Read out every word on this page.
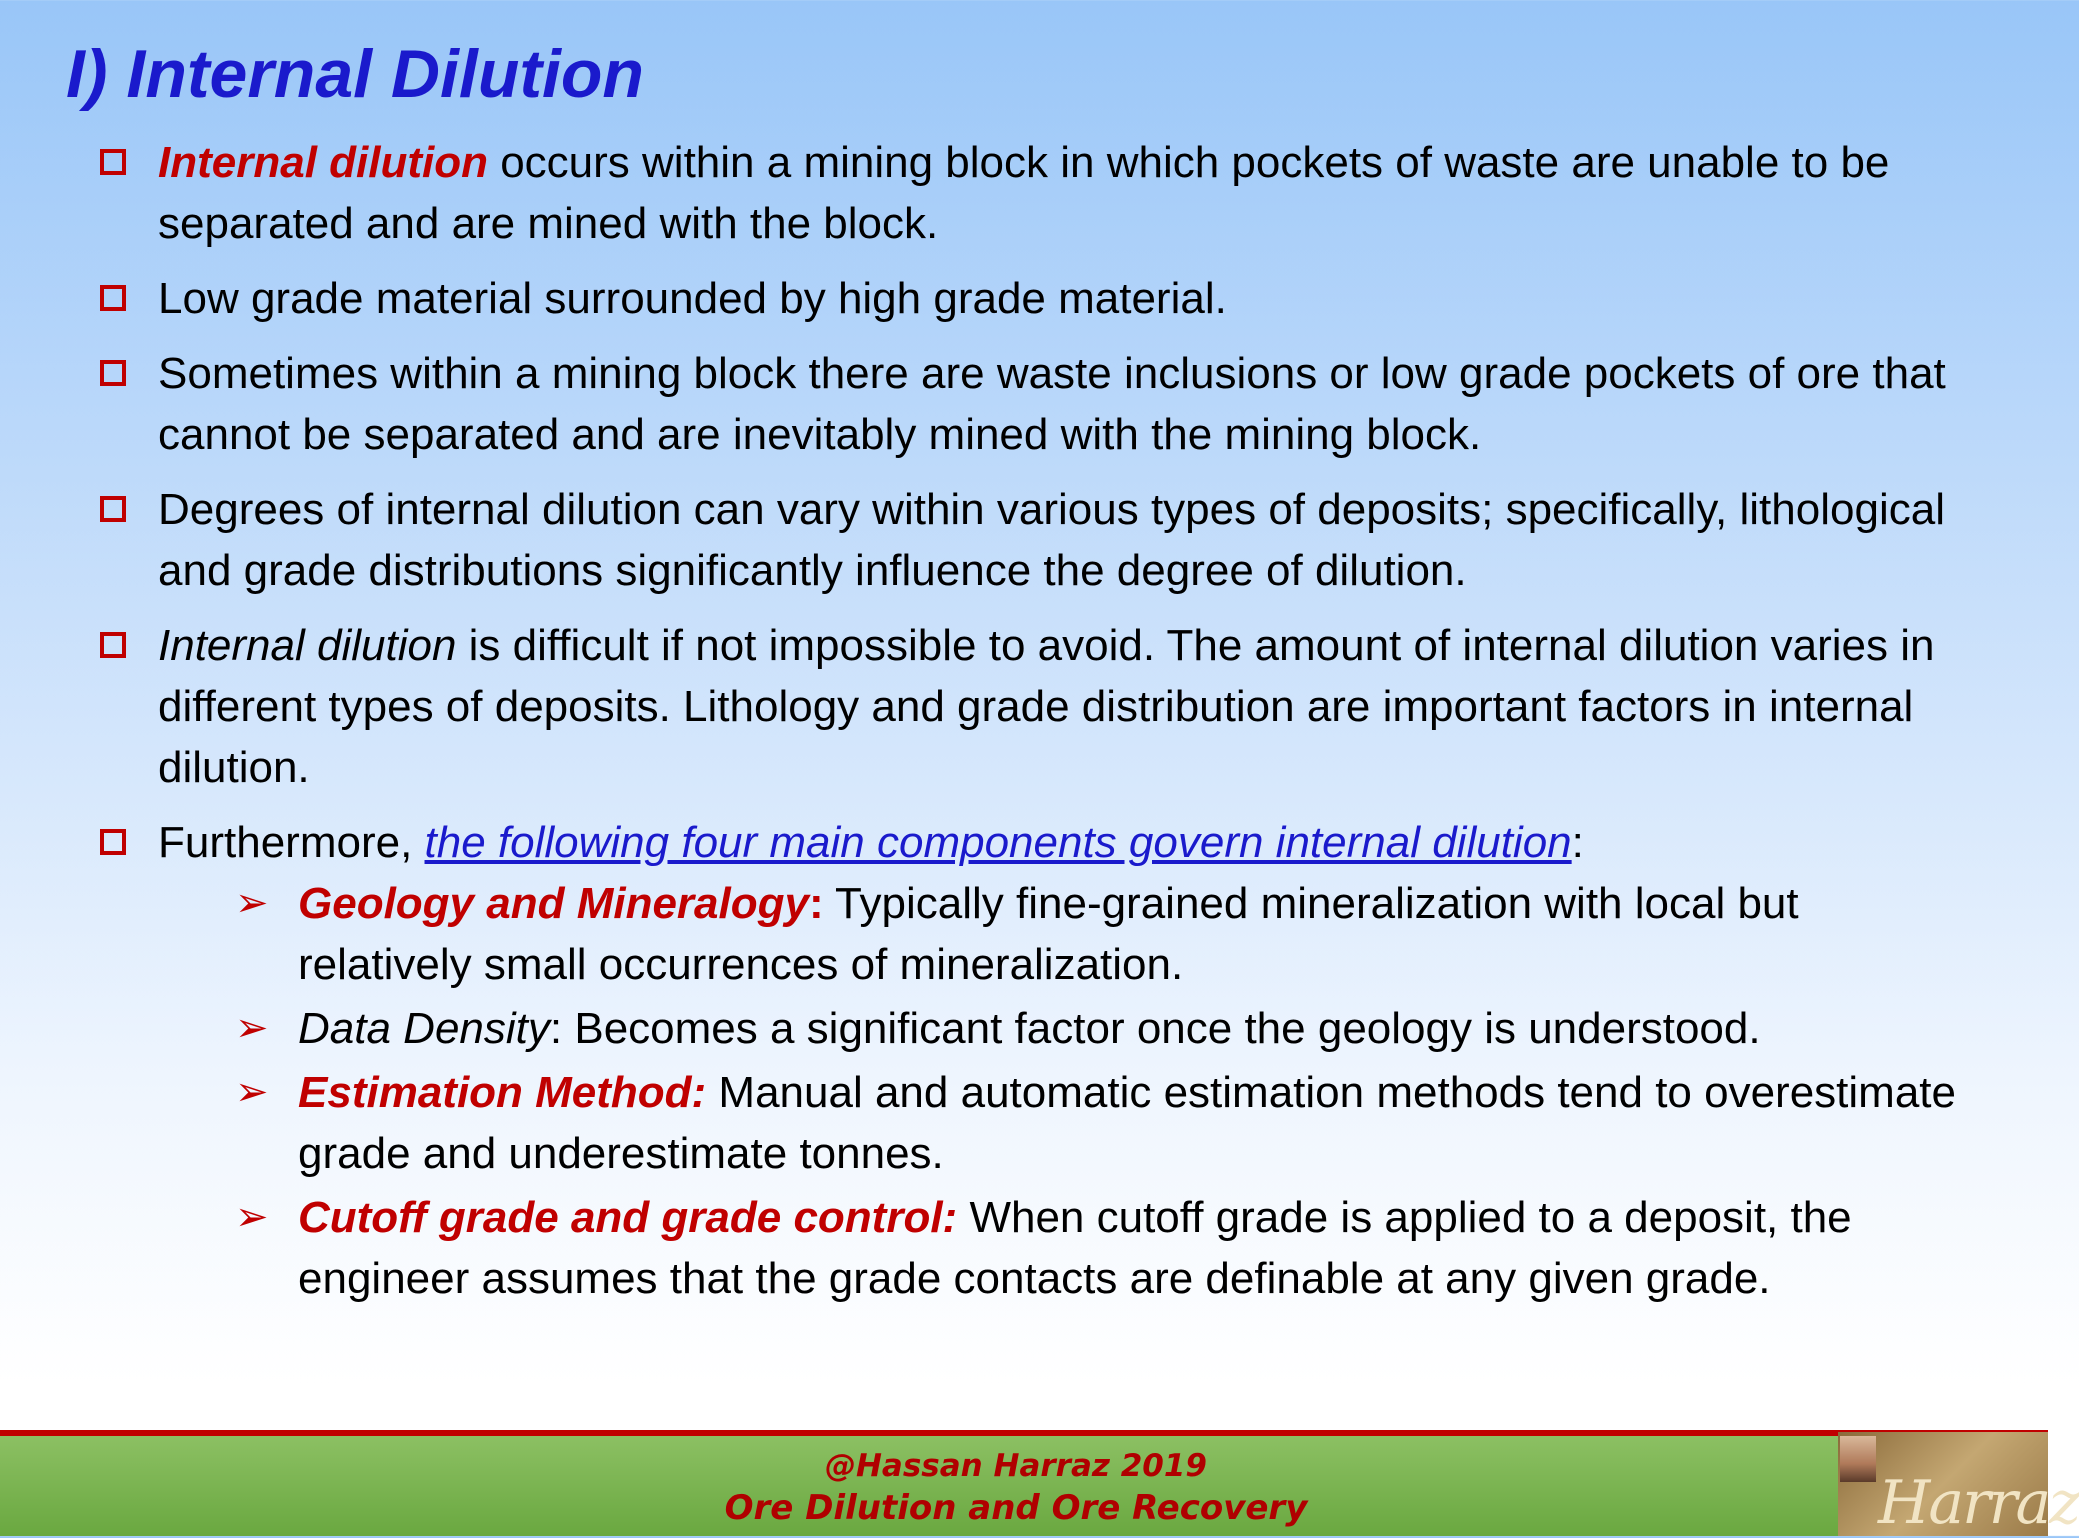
I) Internal Dilution
Internal dilution occurs within a mining block in which pockets of waste are unable to be separated and are mined with the block.
Low grade material surrounded by high grade material.
Sometimes within a mining block there are waste inclusions or low grade pockets of ore that cannot be separated and are inevitably mined with the mining block.
Degrees of internal dilution can vary within various types of deposits; specifically, lithological and grade distributions significantly influence the degree of dilution.
Internal dilution is difficult if not impossible to avoid. The amount of internal dilution varies in different types of deposits. Lithology and grade distribution are important factors in internal dilution.
Furthermore, the following four main components govern internal dilution:
➢ Geology and Mineralogy: Typically fine-grained mineralization with local but relatively small occurrences of mineralization.
➢ Data Density: Becomes a significant factor once the geology is understood.
➢ Estimation Method: Manual and automatic estimation methods tend to overestimate grade and underestimate tonnes.
➢ Cutoff grade and grade control: When cutoff grade is applied to a deposit, the engineer assumes that the grade contacts are definable at any given grade.
@Hassan Harraz 2019
Ore Dilution and Ore Recovery	Harraz
